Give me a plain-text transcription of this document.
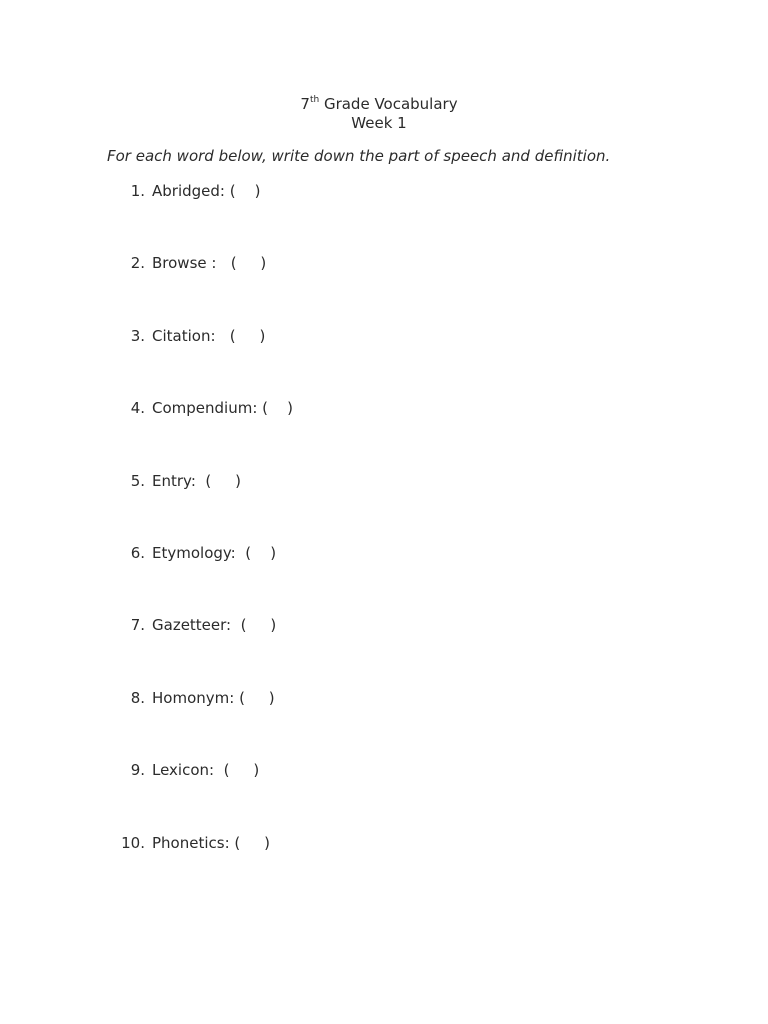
7th Grade Vocabulary
Week 1
For each word below, write down the part of speech and definition.

1.

Abridged: (    )

2.

Browse :   (     )

3.

Citation:   (     )

4.

Compendium: (    )

5.

Entry:  (     )

6.

Etymology:  (    )

7.

Gazetteer:  (     )

8.

Homonym: (     )

9.

Lexicon:  (     )

10.

Phonetics: (     )
